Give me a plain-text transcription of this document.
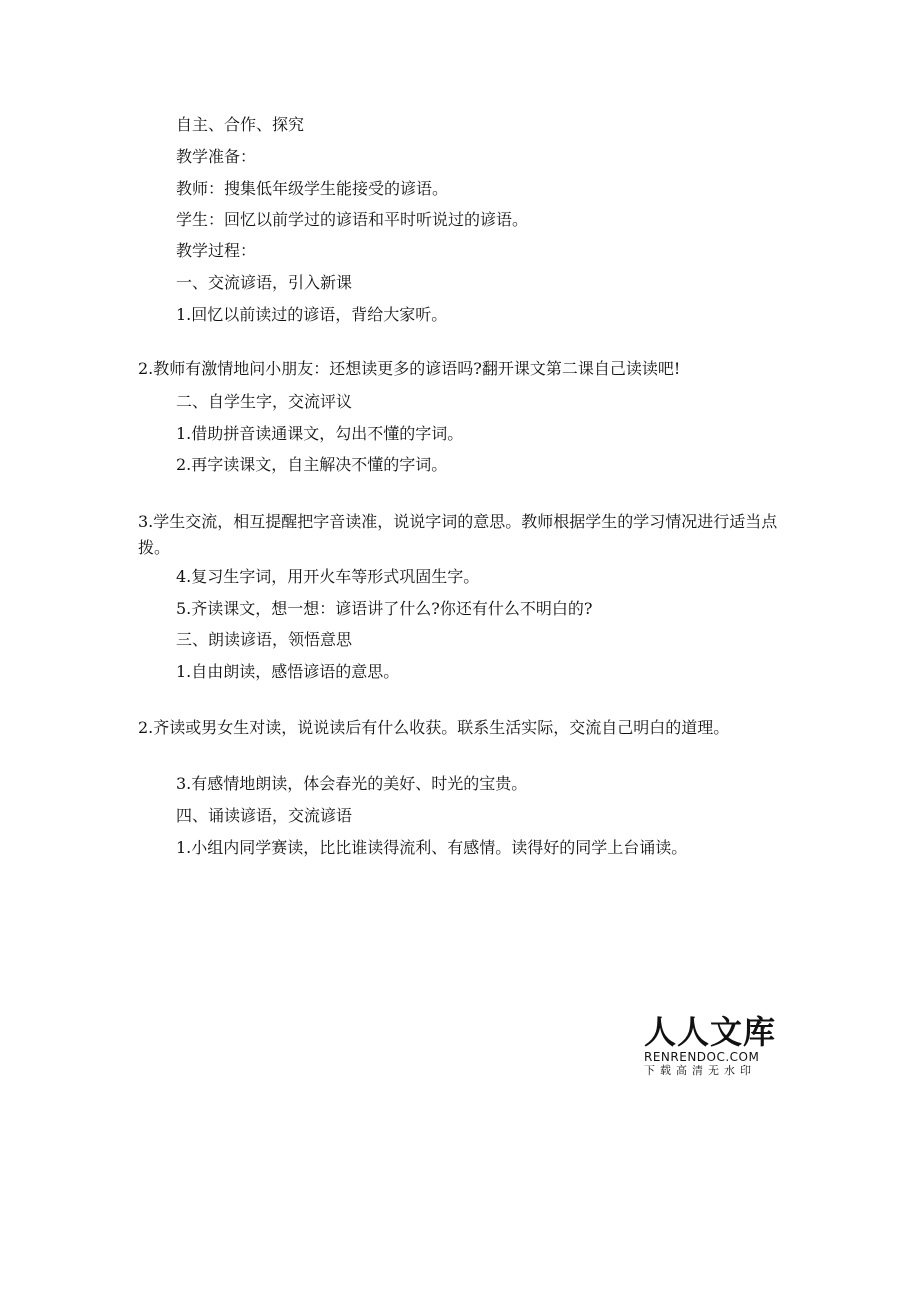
自主、合作、探究
教学准备：
教师：搜集低年级学生能接受的谚语。
学生：回忆以前学过的谚语和平时听说过的谚语。
教学过程：
一、交流谚语，引入新课
1.回忆以前读过的谚语，背给大家听。
2.教师有激情地问小朋友：还想读更多的谚语吗?翻开课文第二课自己读读吧!
二、自学生字，交流评议
1.借助拼音读通课文，勾出不懂的字词。
2.再字读课文，自主解决不懂的字词。
3.学生交流，相互提醒把字音读准，说说字词的意思。教师根据学生的学习情况进行适当点拨。
4.复习生字词，用开火车等形式巩固生字。
5.齐读课文，想一想：谚语讲了什么?你还有什么不明白的?
三、朗读谚语，领悟意思
1.自由朗读，感悟谚语的意思。
2.齐读或男女生对读，说说读后有什么收获。联系生活实际，交流自己明白的道理。
3.有感情地朗读，体会春光的美好、时光的宝贵。
四、诵读谚语，交流谚语
1.小组内同学赛读，比比谁读得流利、有感情。读得好的同学上台诵读。
人人文库
RENRENDOC.COM
下载高清无水印
